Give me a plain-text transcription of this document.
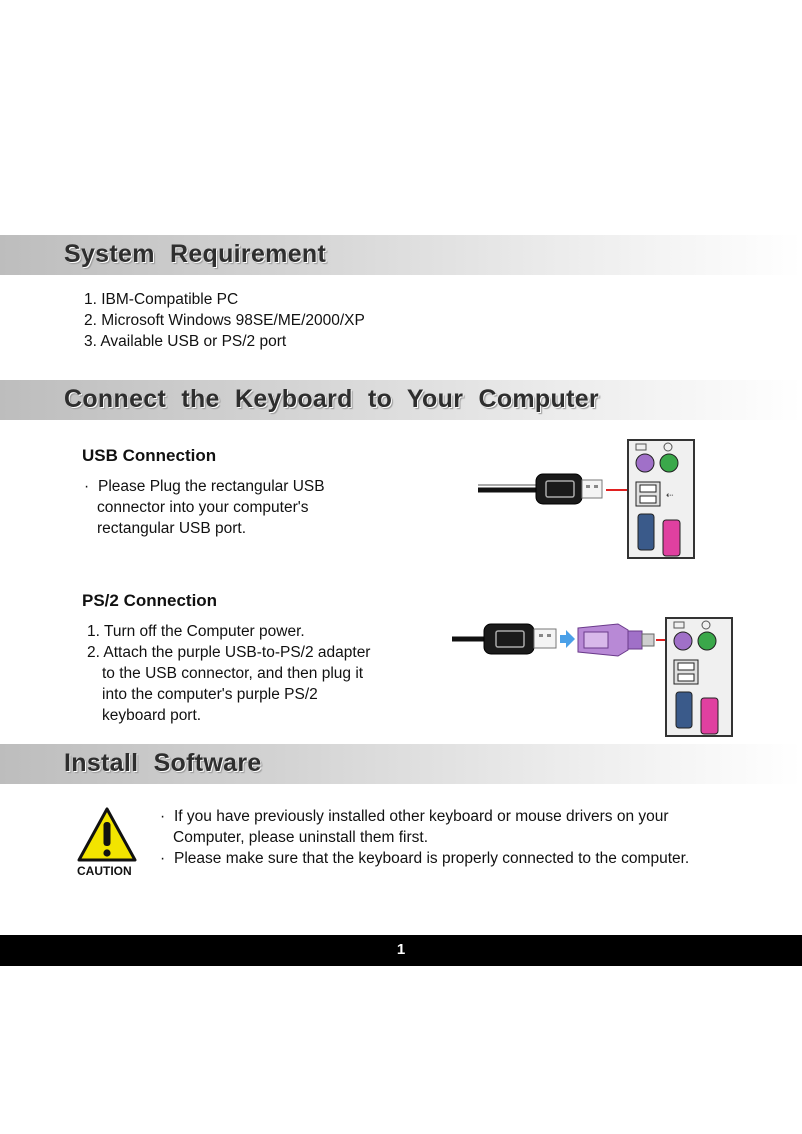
System Requirement
1. IBM-Compatible PC
2. Microsoft Windows 98SE/ME/2000/XP
3. Available USB or PS/2 port
Connect the Keyboard to Your Computer

USB Connection

· Please Plug the rectangular USB
connector into your computer's
rectangular USB port.
⇠

PS/2 Connection

1. Turn off the Computer power.
2. Attach the purple USB-to-PS/2 adapter
to the USB connector, and then plug it
into the computer's purple PS/2
keyboard port.
Install Software
CAUTION
· If you have previously installed other keyboard or mouse drivers on your
Computer, please uninstall them first.
· Please make sure that the keyboard is properly connected to the computer.
1
